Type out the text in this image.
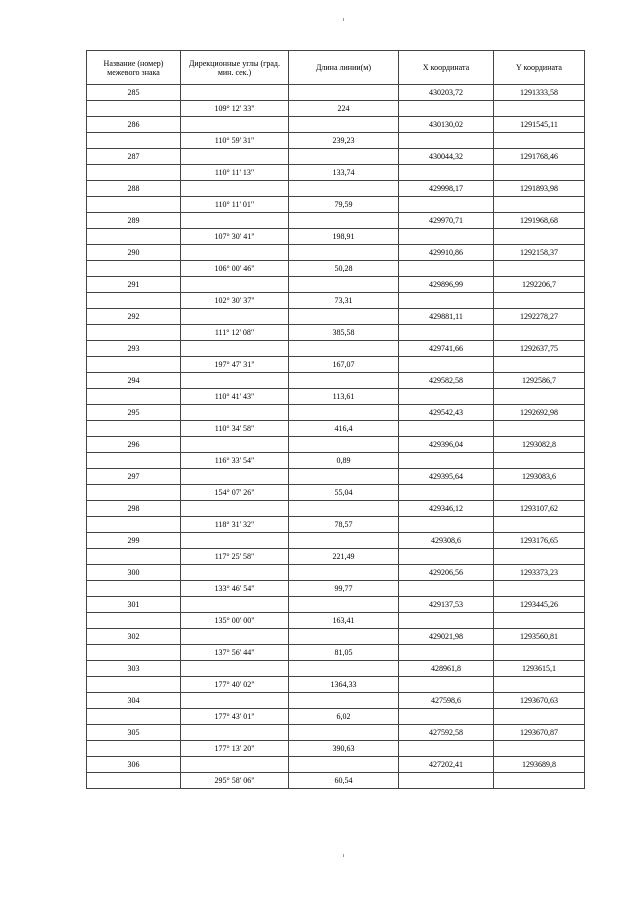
Название (номер) межевого знака	Дирекционные углы (град. мин. сек.)	Длина линии(м)	X координата	Y координата
285			430203,72	1291333,58
	109° 12' 33"	224		
286			430130,02	1291545,11
	110° 59' 31"	239,23		
287			430044,32	1291768,46
	110° 11' 13"	133,74		
288			429998,17	1291893,98
	110° 11' 01"	79,59		
289			429970,71	1291968,68
	107° 30' 41"	198,91		
290			429910,86	1292158,37
	106° 00' 46"	50,28		
291			429896,99	1292206,7
	102° 30' 37"	73,31		
292			429881,11	1292278,27
	111° 12' 08"	385,58		
293			429741,66	1292637,75
	197° 47' 31"	167,07		
294			429582,58	1292586,7
	110° 41' 43"	113,61		
295			429542,43	1292692,98
	110° 34' 58"	416,4		
296			429396,04	1293082,8
	116° 33' 54"	0,89		
297			429395,64	1293083,6
	154° 07' 26"	55,04		
298			429346,12	1293107,62
	118° 31' 32"	78,57		
299			429308,6	1293176,65
	117° 25' 58"	221,49		
300			429206,56	1293373,23
	133° 46' 54"	99,77		
301			429137,53	1293445,26
	135° 00' 00"	163,41		
302			429021,98	1293560,81
	137° 56' 44"	81,05		
303			428961,8	1293615,1
	177° 40' 02"	1364,33		
304			427598,6	1293670,63
	177° 43' 01"	6,02		
305			427592,58	1293670,87
	177° 13' 20"	390,63		
306			427202,41	1293689,8
	295° 58' 06"	60,54		
